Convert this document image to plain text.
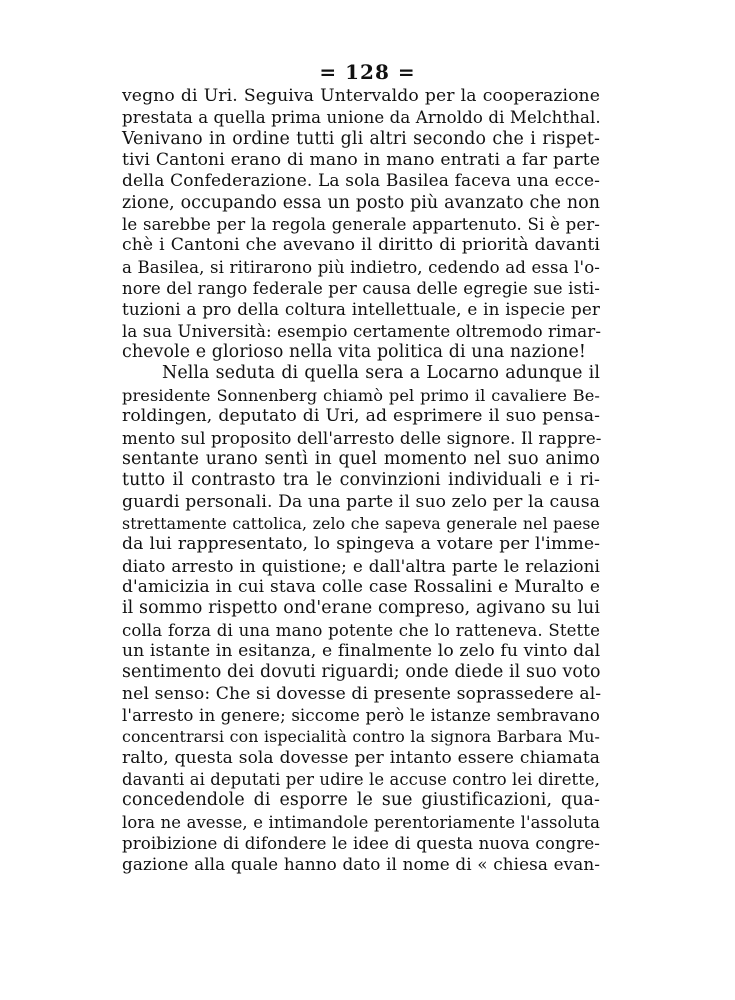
= 128 =
vegno di Uri. Seguiva Untervaldo per la cooperazione
prestata a quella prima unione da Arnoldo di Melchthal.
Venivano in ordine tutti gli altri secondo che i rispet-
tivi Cantoni erano di mano in mano entrati a far parte
della Confederazione. La sola Basilea faceva una ecce-
zione, occupando essa un posto più avanzato che non
le sarebbe per la regola generale appartenuto. Si è per-
chè i Cantoni che avevano il diritto di priorità davanti
a Basilea, si ritirarono più indietro, cedendo ad essa l'o-
nore del rango federale per causa delle egregie sue isti-
tuzioni a pro della coltura intellettuale, e in ispecie per
la sua Università: esempio certamente oltremodo rimar-
chevole e glorioso nella vita politica di una nazione!
Nella seduta di quella sera a Locarno adunque il
presidente Sonnenberg chiamò pel primo il cavaliere Be-
roldingen, deputato di Uri, ad esprimere il suo pensa-
mento sul proposito dell'arresto delle signore. Il rappre-
sentante urano sentì in quel momento nel suo animo
tutto il contrasto tra le convinzioni individuali e i ri-
guardi personali. Da una parte il suo zelo per la causa
strettamente cattolica, zelo che sapeva generale nel paese
da lui rappresentato, lo spingeva a votare per l'imme-
diato arresto in quistione; e dall'altra parte le relazioni
d'amicizia in cui stava colle case Rossalini e Muralto e
il sommo rispetto ond'erane compreso, agivano su lui
colla forza di una mano potente che lo ratteneva. Stette
un istante in esitanza, e finalmente lo zelo fu vinto dal
sentimento dei dovuti riguardi; onde diede il suo voto
nel senso: Che si dovesse di presente soprassedere al-
l'arresto in genere; siccome però le istanze sembravano
concentrarsi con ispecialità contro la signora Barbara Mu-
ralto, questa sola dovesse per intanto essere chiamata
davanti ai deputati per udire le accuse contro lei dirette,
concedendole di esporre le sue giustificazioni, qua-
lora ne avesse, e intimandole perentoriamente l'assoluta
proibizione di difondere le idee di questa nuova congre-
gazione alla quale hanno dato il nome di « chiesa evan-
